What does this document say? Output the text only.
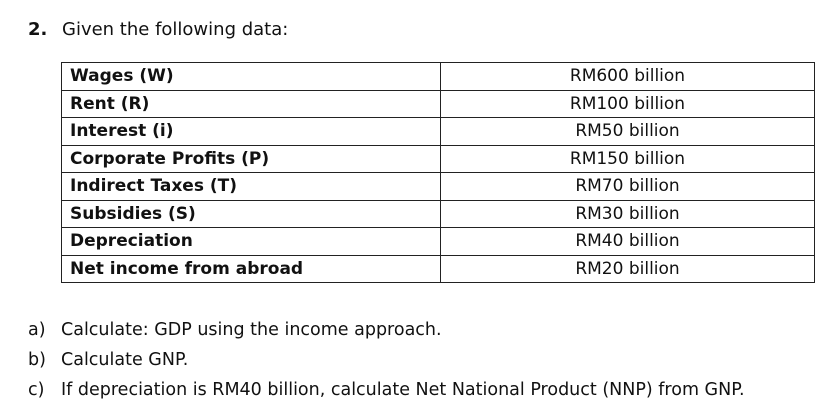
2. Given the following data:
Wages (W)	RM600 billion
Rent (R)	RM100 billion
Interest (i)	RM50 billion
Corporate Profits (P)	RM150 billion
Indirect Taxes (T)	RM70 billion
Subsidies (S)	RM30 billion
Depreciation	RM40 billion
Net income from abroad	RM20 billion
a) Calculate: GDP using the income approach.
b) Calculate GNP.
c) If depreciation is RM40 billion, calculate Net National Product (NNP) from GNP.
